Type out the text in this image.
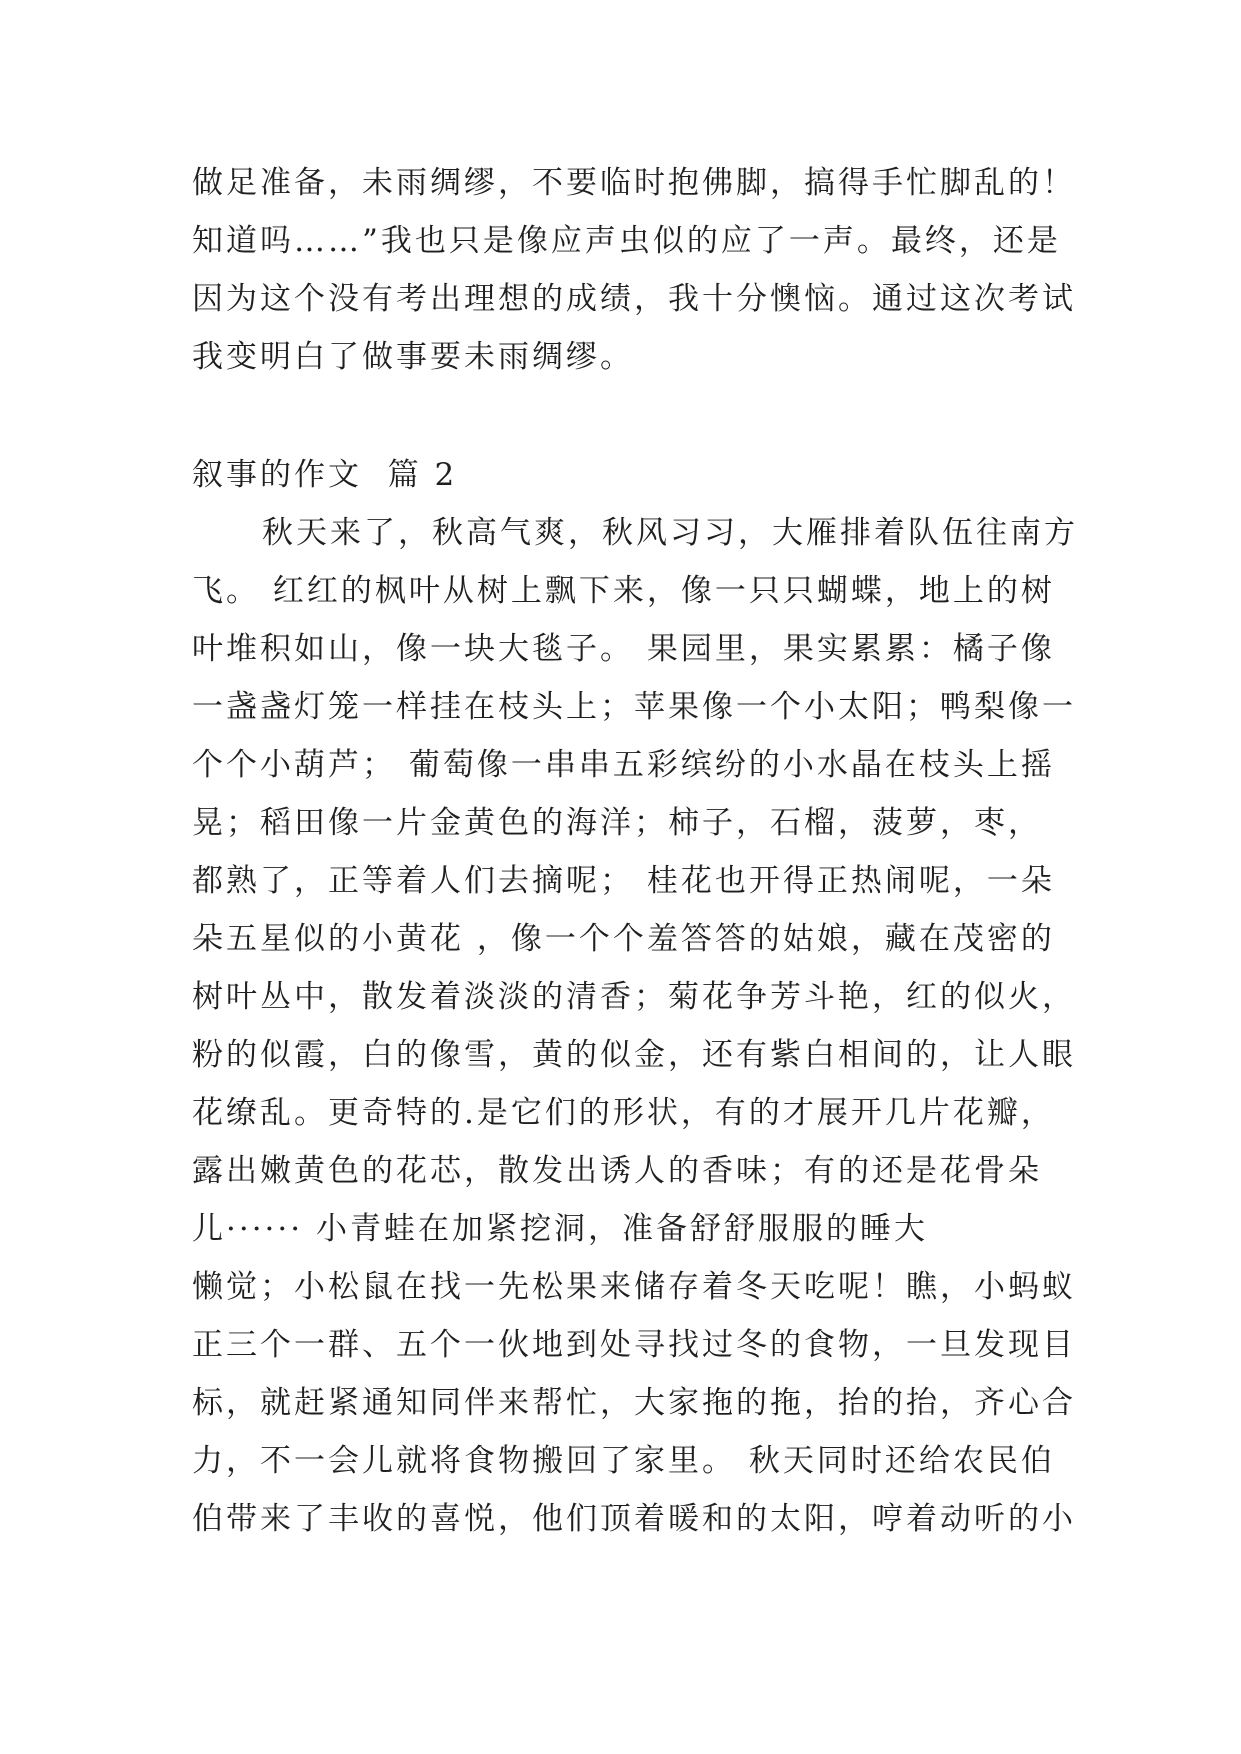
做足准备，未雨绸缪，不要临时抱佛脚，搞得手忙脚乱的！
知道吗……”我也只是像应声虫似的应了一声。最终，还是
因为这个没有考出理想的成绩，我十分懊恼。通过这次考试
我变明白了做事要未雨绸缪。
叙事的作文  篇 2
秋天来了，秋高气爽，秋风习习，大雁排着队伍往南方
飞。 红红的枫叶从树上飘下来，像一只只蝴蝶，地上的树
叶堆积如山，像一块大毯子。 果园里，果实累累：橘子像
一盏盏灯笼一样挂在枝头上；苹果像一个小太阳；鸭梨像一
个个小葫芦； 葡萄像一串串五彩缤纷的小水晶在枝头上摇
晃；稻田像一片金黄色的海洋；柿子，石榴，菠萝，枣，
都熟了，正等着人们去摘呢； 桂花也开得正热闹呢，一朵
朵五星似的小黄花 ，像一个个羞答答的姑娘，藏在茂密的
树叶丛中，散发着淡淡的清香；菊花争芳斗艳，红的似火，
粉的似霞，白的像雪，黄的似金，还有紫白相间的，让人眼
花缭乱。更奇特的.是它们的形状，有的才展开几片花瓣，
露出嫩黄色的花芯，散发出诱人的香味；有的还是花骨朵
儿······ 小青蛙在加紧挖洞，准备舒舒服服的睡大
懒觉；小松鼠在找一先松果来储存着冬天吃呢！瞧，小蚂蚁
正三个一群、五个一伙地到处寻找过冬的食物，一旦发现目
标，就赶紧通知同伴来帮忙，大家拖的拖，抬的抬，齐心合
力，不一会儿就将食物搬回了家里。 秋天同时还给农民伯
伯带来了丰收的喜悦，他们顶着暖和的太阳，哼着动听的小
